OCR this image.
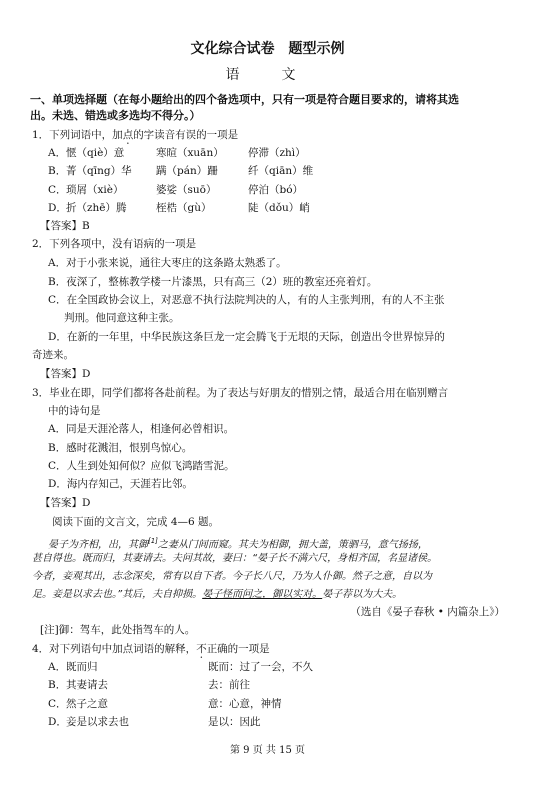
文化综合试卷　题型示例
语　文
一、单项选择题（在每小题给出的四个备选项中，只有一项是符合题目要求的，请将其选
出。未选、错选或多选均不得分。）
1．下列词语中，加点的字读音有误的一项是
A． 惬（qiè）意	寒暄（xuān） 停滞（zhì）
B． 菁（qīng）华 蹒（pán）跚	纤（qiān）维
C． 琐屑（xiè）	婆娑（suō）	停泊（bó）
D． 折（zhē）腾	桎梏（gù）	陡（dǒu）峭
【答案】B
2．下列各项中，没有语病的一项是
A．对于小张来说，通往大枣庄的这条路太熟悉了。
B．夜深了，整栋教学楼一片漆黑，只有高三（2）班的教室还亮着灯。
C．在全国政协会议上，对恶意不执行法院判决的人，有的人主张判刑，有的人不主张
判刑。他同意这种主张。
D．在新的一年里，中华民族这条巨龙一定会腾飞于无垠的天际，创造出令世界惊异的
奇迹来。
【答案】D
3．毕业在即，同学们都将各赴前程。为了表达与好朋友的惜别之情，最适合用在临别赠言
中的诗句是
A．同是天涯沦落人，相逢何必曾相识。
B．感时花溅泪，恨别鸟惊心。
C．人生到处知何似？应似飞鸿踏雪泥。
D．海内存知己，天涯若比邻。
【答案】D
阅读下面的文言文，完成 4—6 题。
晏子为齐相，出，其御[1]之妻从门间而窥。其夫为相御，拥大盖，策驷马，意气扬扬，
甚自得也。既而归，其妻请去。夫问其故，妻曰：“晏子长不满六尺，身相齐国，名显诸侯。
今者，妾观其出，志念深矣，常有以自下者。今子长八尺，乃为人仆御。然子之意，自以为
足。妾是以求去也。”其后，夫自抑损。晏子怪而问之，御以实对。晏子荐以为大夫。
（选自《晏子春秋 • 内篇杂上》）
[注]御：驾车，此处指驾车的人。
4．对下列语句中加点词语的解释，不正确的一项是
A． 既而归	既而：过了一会，不久
B． 其妻请去	去：前往
C． 然子之意	意：心意，神情
D． 妾是以求去也	是以：因此
第 9 页 共 15 页
